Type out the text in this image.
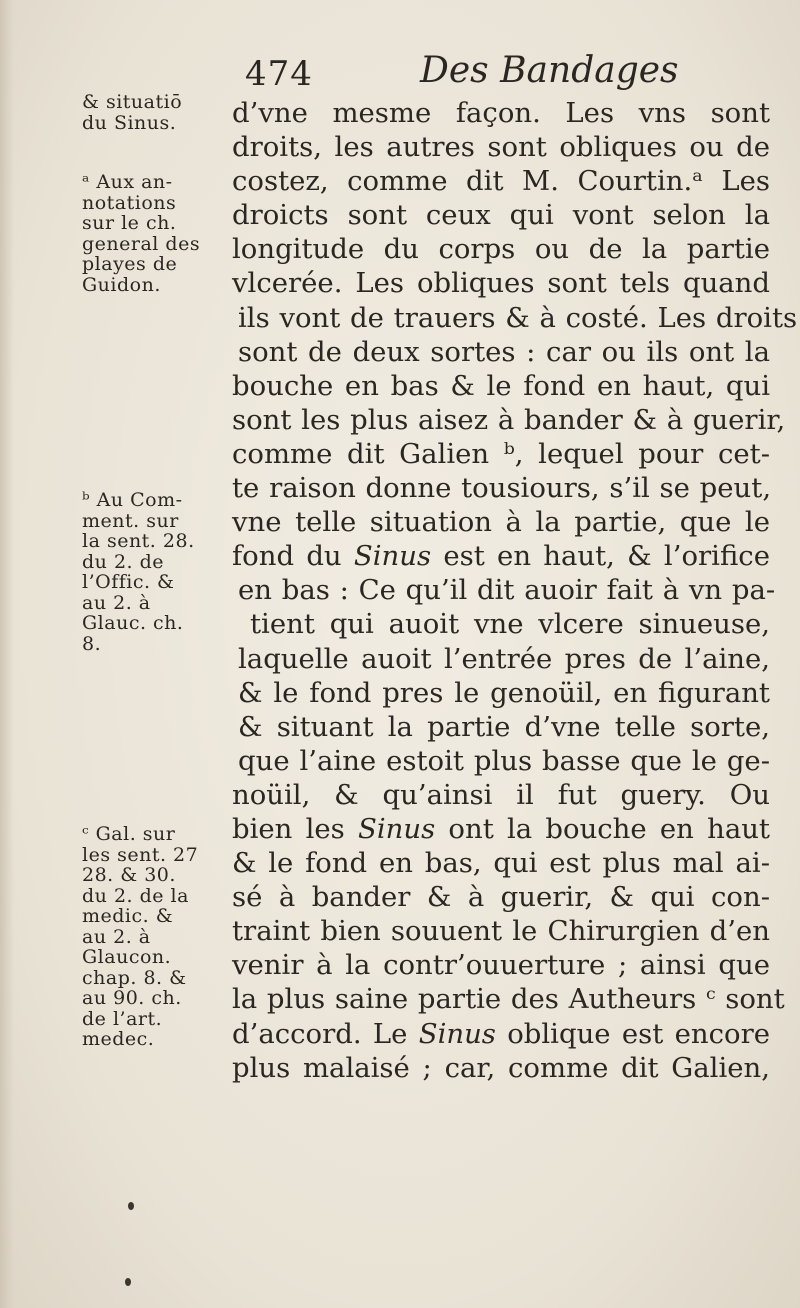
474	Des Bandages
d’vne mesme façon. Les vns sont
droits, les autres sont obliques ou de
costez, comme dit M. Courtin.ᵃ Les
droicts sont ceux qui vont selon la
longitude du corps ou de la partie
vlcerée. Les obliques sont tels quand
ils vont de trauers & à costé. Les droits
sont de deux sortes : car ou ils ont la
bouche en bas & le fond en haut, qui
sont les plus aisez à bander & à guerir,
comme dit Galien ᵇ, lequel pour cet-
te raison donne tousiours, s’il se peut,
vne telle situation à la partie, que le
fond du Sinus est en haut, & l’orifice
en bas : Ce qu’il dit auoir fait à vn pa-
tient qui auoit vne vlcere sinueuse,
laquelle auoit l’entrée pres de l’aine,
& le fond pres le genoüil, en figurant
& situant la partie d’vne telle sorte,
que l’aine estoit plus basse que le ge-
noüil, & qu’ainsi il fut guery. Ou
bien les Sinus ont la bouche en haut
& le fond en bas, qui est plus mal ai-
sé à bander & à guerir, & qui con-
traint bien souuent le Chirurgien d’en
venir à la contr’ouuerture ; ainsi que
la plus saine partie des Autheurs ᶜ sont
d’accord. Le Sinus oblique est encore
plus malaisé ; car, comme dit Galien,
& situatiō
du Sinus.
ᵃ Aux an-
notations
sur le ch.
general des
playes de
Guidon.
ᵇ Au Com-
ment. sur
la sent. 28.
du 2. de
l’Offic. &
au 2. à
Glauc. ch.
8.
ᶜ Gal. sur
les sent. 27
28. & 30.
du 2. de la
medic. &
au 2. à
Glaucon.
chap. 8. &
au 90. ch.
de l’art.
medec.
